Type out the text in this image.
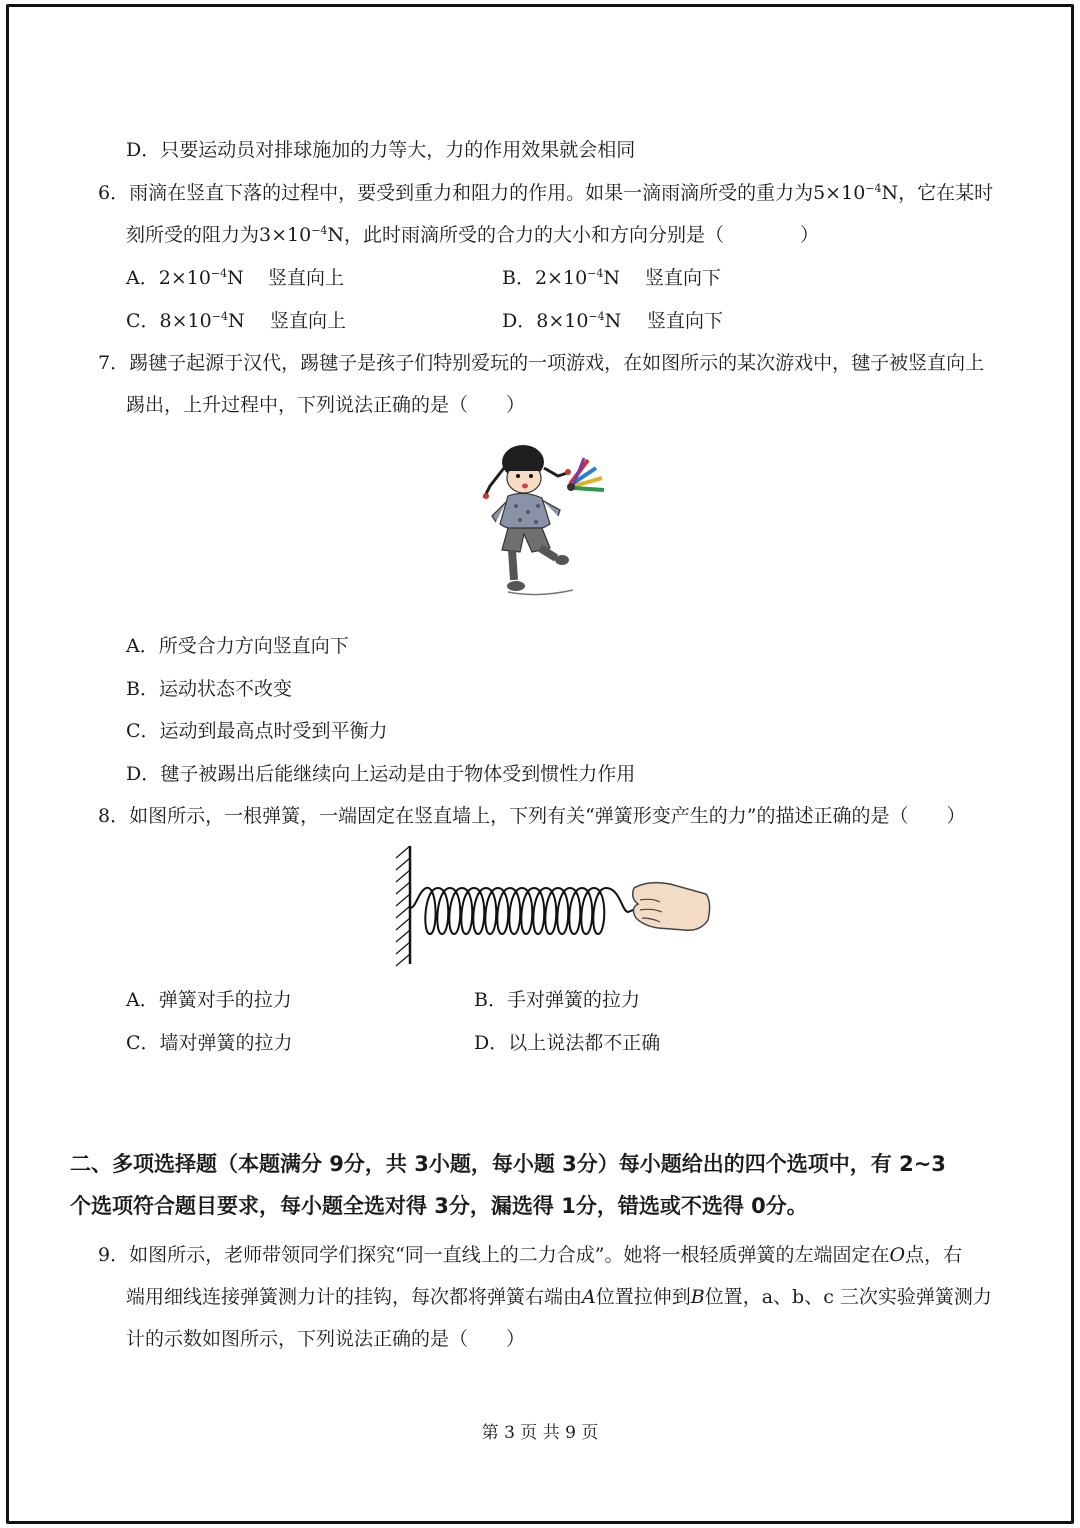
D．只要运动员对排球施加的力等大，力的作用效果就会相同
6．雨滴在竖直下落的过程中，要受到重力和阻力的作用。如果一滴雨滴所受的重力为$5\times 10^{-4}N$，它在某时
刻所受的阻力为$3\times 10^{-4}N$，此时雨滴所受的合力的大小和方向分别是（　　　　）
A．$2\times 10^{-4}N$ 竖直向上	B．$2\times 10^{-4}N$ 竖直向下
C．$8\times 10^{-4}N$ 竖直向上	D．$8\times 10^{-4}N$ 竖直向下
7．踢毽子起源于汉代，踢毽子是孩子们特别爱玩的一项游戏，在如图所示的某次游戏中，毽子被竖直向上
踢出，上升过程中，下列说法正确的是（　　）
A．所受合力方向竖直向下
B．运动状态不改变
C．运动到最高点时受到平衡力
D．毽子被踢出后能继续向上运动是由于物体受到惯性力作用
8．如图所示，一根弹簧，一端固定在竖直墙上，下列有关“弹簧形变产生的力”的描述正确的是（　　）
A．弹簧对手的拉力	B．手对弹簧的拉力
C．墙对弹簧的拉力	D．以上说法都不正确
二、多项选择题（本题满分 9分，共 3小题，每小题 3分）每小题给出的四个选项中，有 2~3
个选项符合题目要求，每小题全选对得 3分，漏选得 1分，错选或不选得 0分。
9．如图所示，老师带领同学们探究“同一直线上的二力合成”。她将一根轻质弹簧的左端固定在O点，右
端用细线连接弹簧测力计的挂钩，每次都将弹簧右端由A位置拉伸到B位置，a、b、c 三次实验弹簧测力
计的示数如图所示，下列说法正确的是（　　）
第 3 页 共 9 页
